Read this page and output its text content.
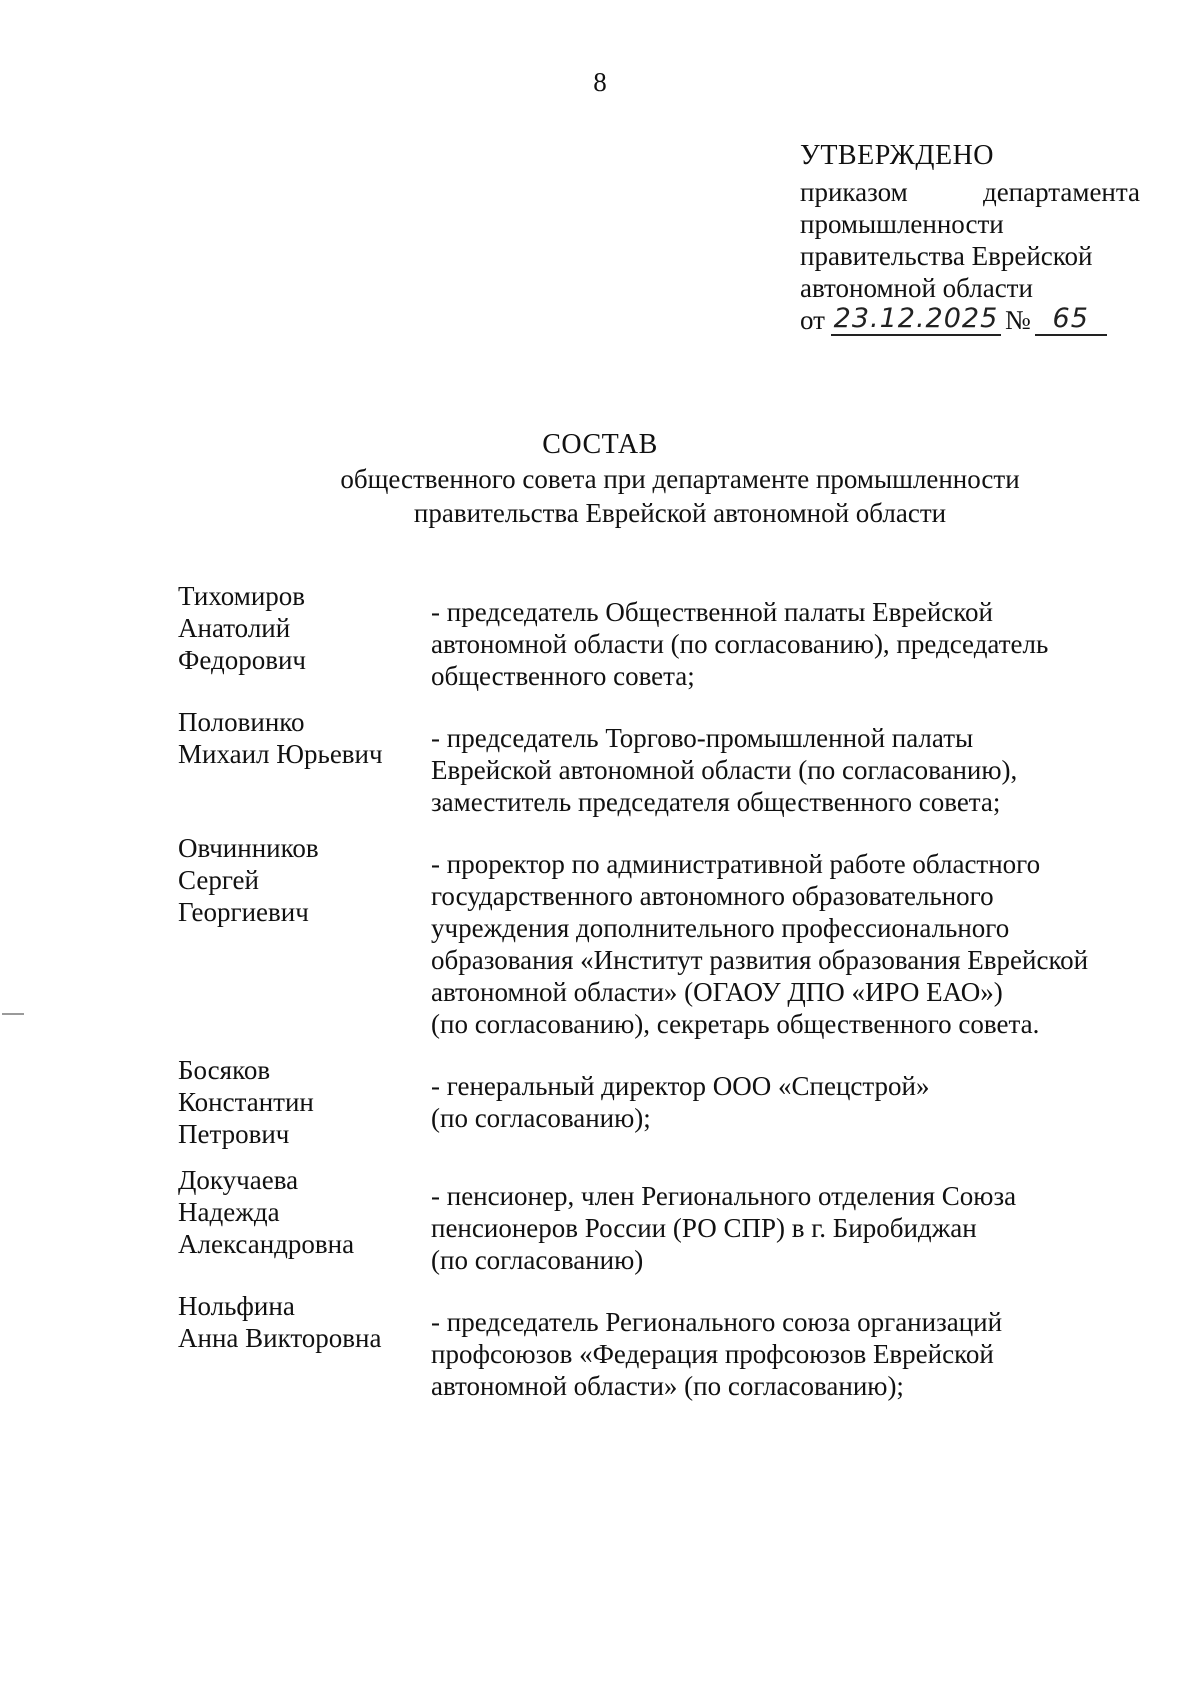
8
УТВЕРЖДЕНО
приказом	департамента
промышленности
правительства Еврейской
автономной области
от 23.12.2025 № 65
СОСТАВ
общественного совета при департаменте промышленности
правительства Еврейской автономной области
Тихомиров
Анатолий
Федорович
- председатель Общественной палаты Еврейской
автономной области (по согласованию), председатель
общественного совета;
Половинко
Михаил Юрьевич
- председатель Торгово-промышленной палаты
Еврейской автономной области (по согласованию),
заместитель председателя общественного совета;
Овчинников
Сергей
Георгиевич
- проректор по административной работе областного
государственного автономного образовательного
учреждения дополнительного профессионального
образования «Институт развития образования Еврейской
автономной области» (ОГАОУ ДПО «ИРО ЕАО»)
(по согласованию), секретарь общественного совета.
Босяков
Константин
Петрович
- генеральный директор ООО «Спецстрой»
(по согласованию);
Докучаева
Надежда
Александровна
- пенсионер, член Регионального отделения Союза
пенсионеров России (РО СПР) в г. Биробиджан
(по согласованию)
Нольфина
Анна Викторовна
- председатель Регионального союза организаций
профсоюзов «Федерация профсоюзов Еврейской
автономной области» (по согласованию);
